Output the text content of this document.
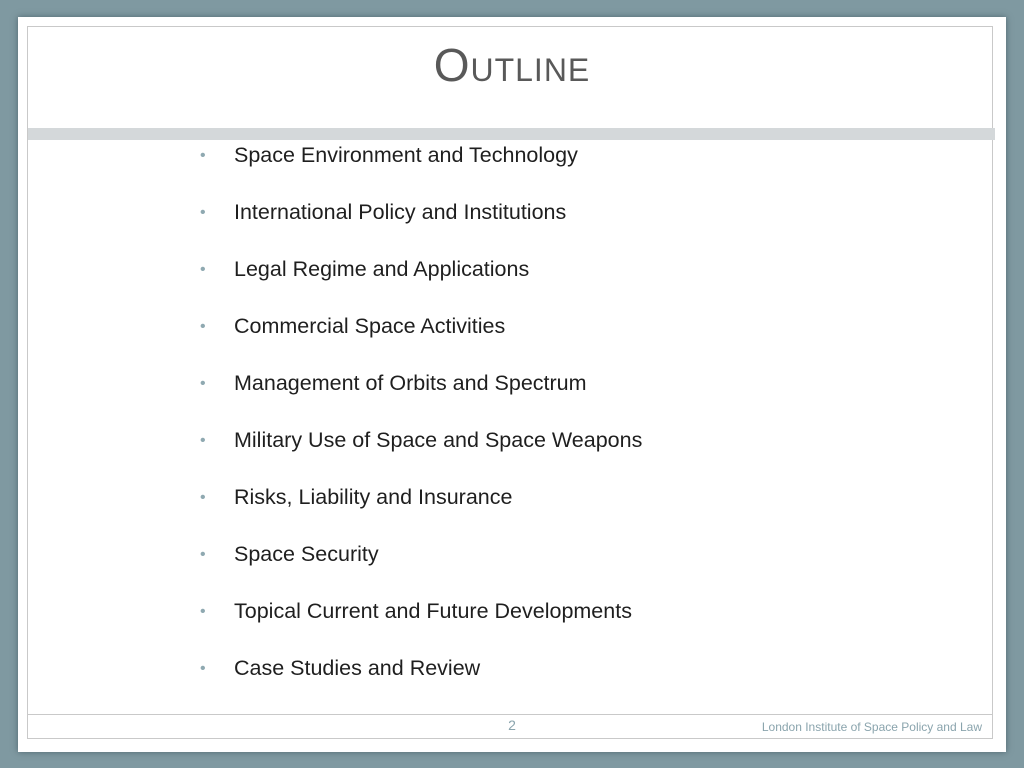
Outline
•	Space Environment and Technology
•	International Policy and Institutions
•	Legal Regime and Applications
•	Commercial Space Activities
•	Management of Orbits and Spectrum
•	Military Use of Space and Space Weapons
•	Risks, Liability and Insurance
•	Space Security
•	Topical Current and Future Developments
•	Case Studies and Review
2	London Institute of Space Policy and Law
